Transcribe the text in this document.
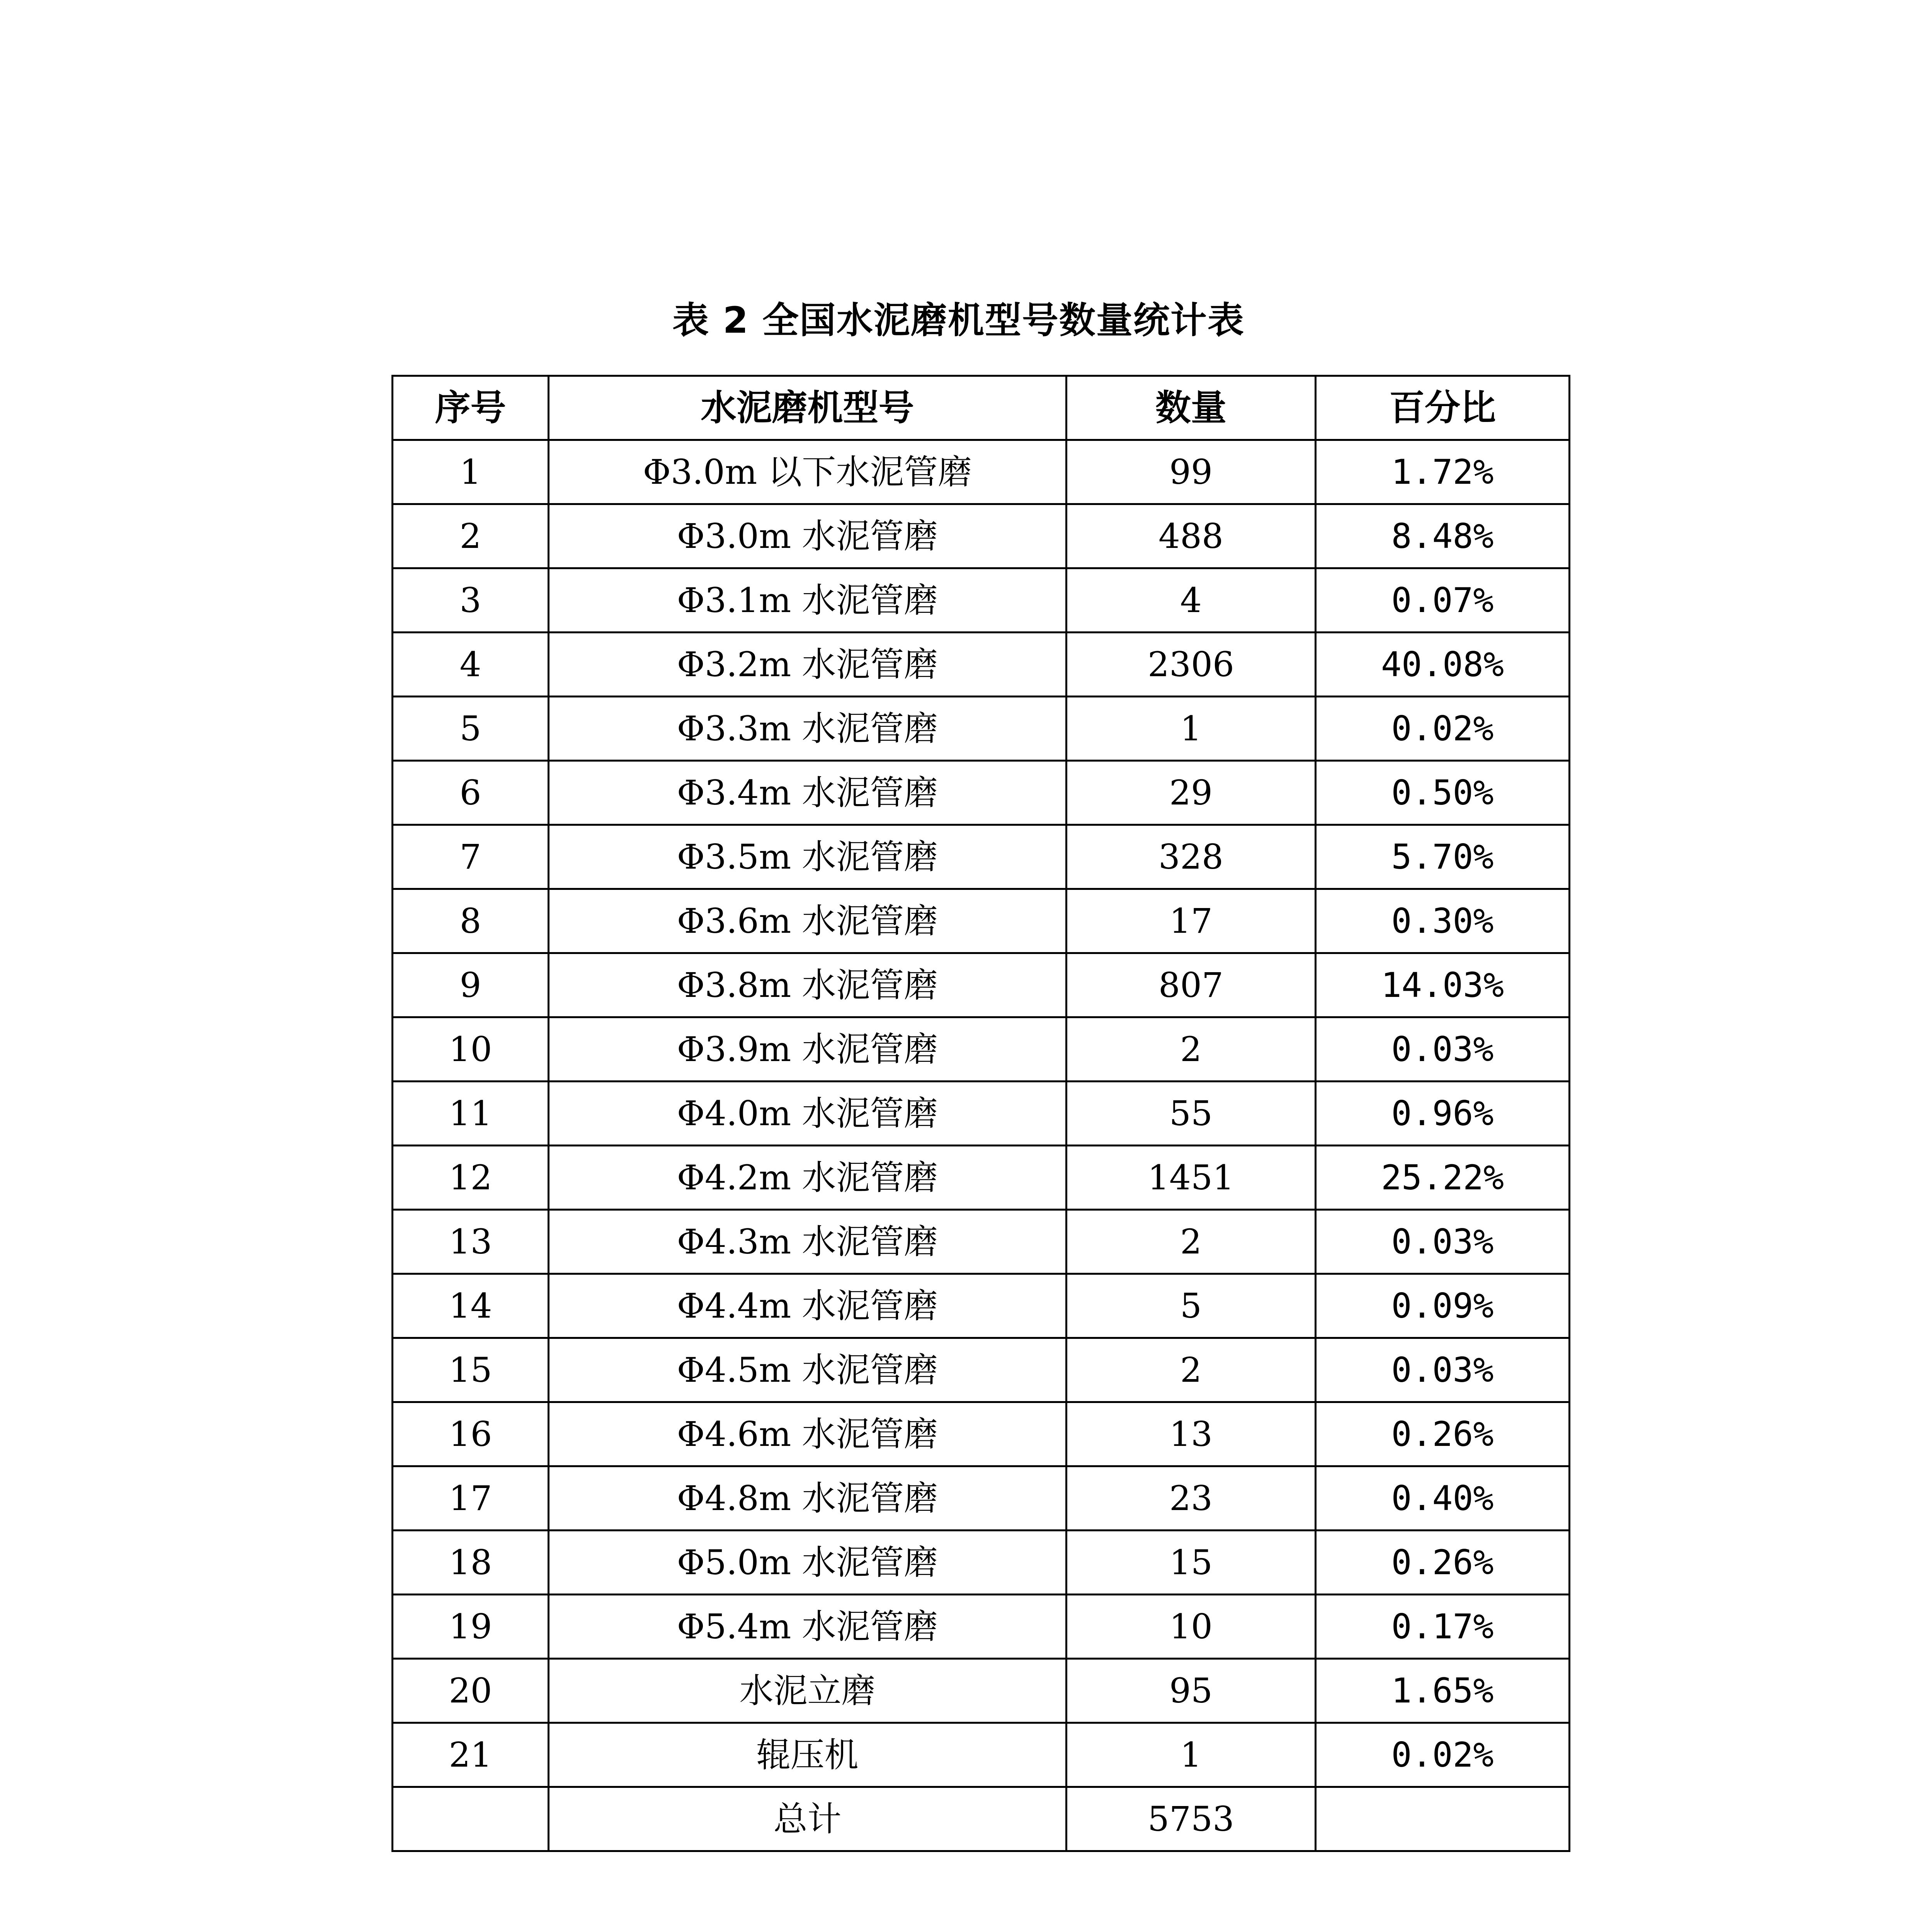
表 2 全国水泥磨机型号数量统计表
序号	水泥磨机型号	数量	百分比
1	Φ3.0m 以下水泥管磨	99	1.72%
2	Φ3.0m 水泥管磨	488	8.48%
3	Φ3.1m 水泥管磨	4	0.07%
4	Φ3.2m 水泥管磨	2306	40.08%
5	Φ3.3m 水泥管磨	1	0.02%
6	Φ3.4m 水泥管磨	29	0.50%
7	Φ3.5m 水泥管磨	328	5.70%
8	Φ3.6m 水泥管磨	17	0.30%
9	Φ3.8m 水泥管磨	807	14.03%
10	Φ3.9m 水泥管磨	2	0.03%
11	Φ4.0m 水泥管磨	55	0.96%
12	Φ4.2m 水泥管磨	1451	25.22%
13	Φ4.3m 水泥管磨	2	0.03%
14	Φ4.4m 水泥管磨	5	0.09%
15	Φ4.5m 水泥管磨	2	0.03%
16	Φ4.6m 水泥管磨	13	0.26%
17	Φ4.8m 水泥管磨	23	0.40%
18	Φ5.0m 水泥管磨	15	0.26%
19	Φ5.4m 水泥管磨	10	0.17%
20	水泥立磨	95	1.65%
21	辊压机	1	0.02%
	总计	5753	
